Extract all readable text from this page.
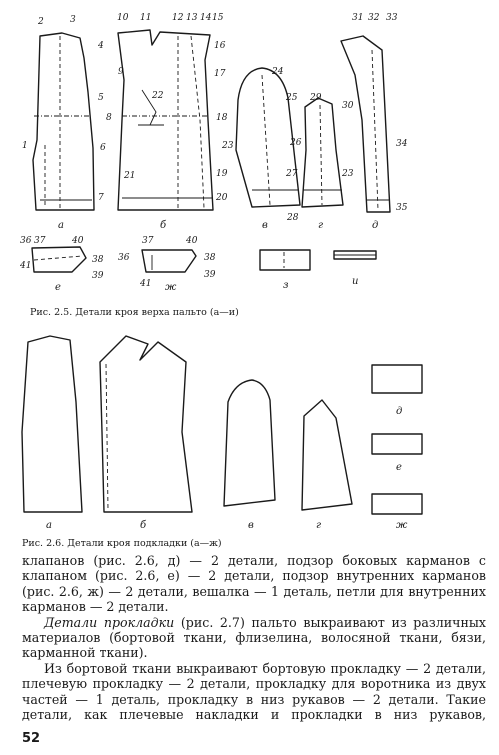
2	3
4
5
1	6
7
10 11 12 13 14 15
16
17
18
19
20
9
8
22
21
23
24
25
26
27
28
29
23
30
31 32 33
34
35
36 37	40
38
39
41
36
37	40
38
39
41
а	б	в	г	д
е	ж	з	и
Рис. 2.5. Детали кроя верха пальто (а—и)
а	б	в	г
д
е
ж
Рис. 2.6. Детали кроя подкладки (а—ж)

клапанов (рис. 2.6, д) — 2 детали, подзор боковых карманов с клапаном (рис. 2.6, е) — 2 детали, подзор внутренних карманов (рис. 2.6, ж) — 2 детали, вешалка — 1 деталь, петли для внутренних карманов — 2 детали.

Детали прокладки (рис. 2.7) пальто выкраивают из различных материалов (бортовой ткани, флизелина, волосяной ткани, бязи, карманной ткани).

Из бортовой ткани выкраивают бортовую прокладку — 2 детали, плечевую прокладку — 2 детали, прокладку для воротника из двух частей — 1 деталь, прокладку в низ рукавов — 2 детали. Такие детали, как плечевые накладки и прокладки в низ рукавов,

52
